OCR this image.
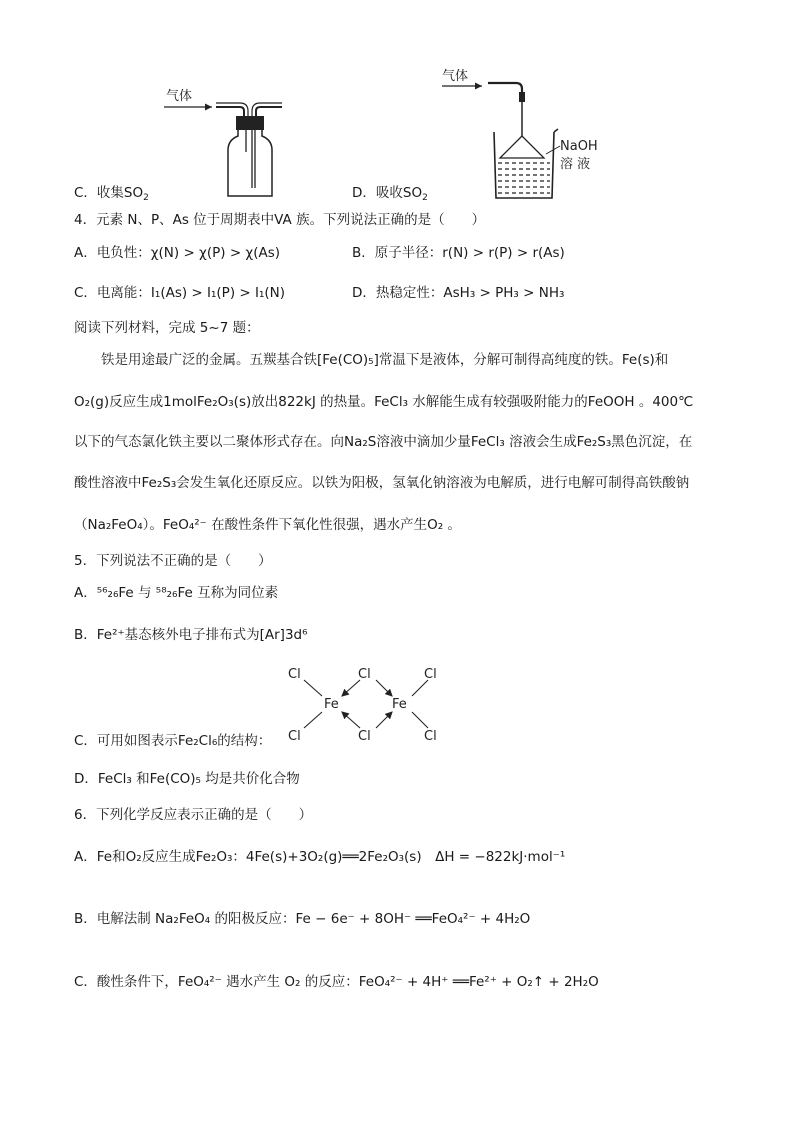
气体
气体
NaOH
溶 液
C．收集$SO_2$	D．吸收$SO_2$
4．元素 N、P、As 位于周期表中VA 族。下列说法正确的是（　　）
A．电负性：χ(N) > χ(P) > χ(As)	B．原子半径：r(N) > r(P) > r(As)
C．电离能：I₁(As) > I₁(P) > I₁(N)	D．热稳定性：AsH₃ > PH₃ > NH₃
阅读下列材料，完成 5~7 题：
铁是用途最广泛的金属。五羰基合铁[Fe(CO)₅]常温下是液体，分解可制得高纯度的铁。Fe(s)和
O₂(g)反应生成1molFe₂O₃(s)放出822kJ 的热量。FeCl₃ 水解能生成有较强吸附能力的FeOOH 。400℃
以下的气态氯化铁主要以二聚体形式存在。向Na₂S溶液中滴加少量FeCl₃ 溶液会生成Fe₂S₃黑色沉淀，在
酸性溶液中Fe₂S₃会发生氧化还原反应。以铁为阳极，氢氧化钠溶液为电解质，进行电解可制得高铁酸钠
（Na₂FeO₄）。FeO₄²⁻ 在酸性条件下氧化性很强，遇水产生O₂ 。
5．下列说法不正确的是（　　）
A．⁵⁶₂₆Fe 与 ⁵⁸₂₆Fe 互称为同位素
B．Fe²⁺基态核外电子排布式为[Ar]3d⁶
Cl	Cl	Cl
Fe	Fe
Cl	Cl	Cl
C．可用如图表示Fe₂Cl₆的结构：
D．FeCl₃ 和Fe(CO)₅ 均是共价化合物
6．下列化学反应表示正确的是（　　）
A．Fe和O₂反应生成Fe₂O₃：4Fe(s)+3O₂(g)══2Fe₂O₃(s)　ΔH = −822kJ·mol⁻¹
B．电解法制 Na₂FeO₄ 的阳极反应：Fe − 6e⁻ + 8OH⁻ ══FeO₄²⁻ + 4H₂O
C．酸性条件下，FeO₄²⁻ 遇水产生 O₂ 的反应：FeO₄²⁻ + 4H⁺ ══Fe²⁺ + O₂↑ + 2H₂O
